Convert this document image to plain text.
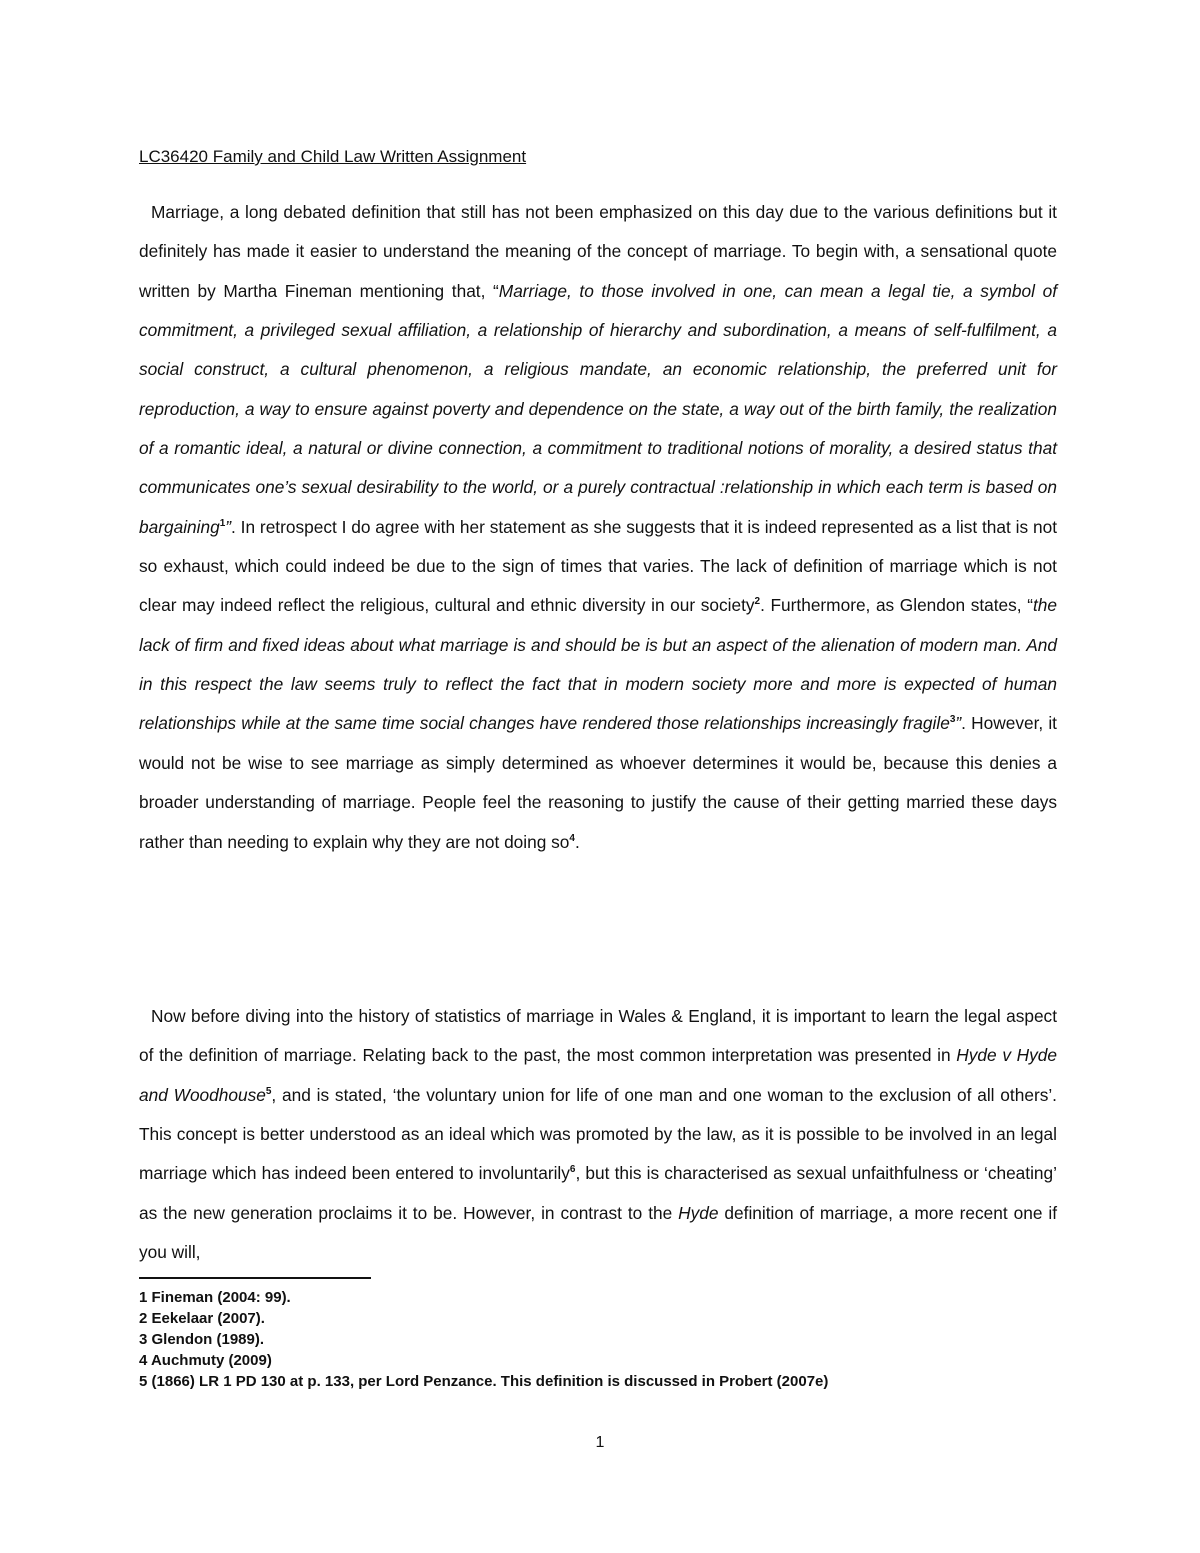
LC36420 Family and Child Law Written Assignment

Marriage, a long debated definition that still has not been emphasized on this day due to the various definitions but it definitely has made it easier to understand the meaning of the concept of marriage. To begin with, a sensational quote written by Martha Fineman mentioning that, “Marriage, to those involved in one, can mean a legal tie, a symbol of commitment, a privileged sexual affiliation, a relationship of hierarchy and subordination, a means of self-fulfilment, a social construct, a cultural phenomenon, a religious mandate, an economic relationship, the preferred unit for reproduction, a way to ensure against poverty and dependence on the state, a way out of the birth family, the realization of a romantic ideal, a natural or divine connection, a commitment to traditional notions of morality, a desired status that communicates one’s sexual desirability to the world, or a purely contractual :relationship in which each term is based on bargaining$^1$”. In retrospect I do agree with her statement as she suggests that it is indeed represented as a list that is not so exhaust, which could indeed be due to the sign of times that varies. The lack of definition of marriage which is not clear may indeed reflect the religious, cultural and ethnic diversity in our society$^2$. Furthermore, as Glendon states, “the lack of firm and fixed ideas about what marriage is and should be is but an aspect of the alienation of modern man. And in this respect the law seems truly to reflect the fact that in modern society more and more is expected of human relationships while at the same time social changes have rendered those relationships increasingly fragile$^3$”. However, it would not be wise to see marriage as simply determined as whoever determines it would be, because this denies a broader understanding of marriage. People feel the reasoning to justify the cause of their getting married these days rather than needing to explain why they are not doing $so^4$.

Now before diving into the history of statistics of marriage in Wales & England, it is important to learn the legal aspect of the definition of marriage. Relating back to the past, the most common interpretation was presented in Hyde v Hyde and Woodhouse$^5$, and is stated, ‘the voluntary union for life of one man and one woman to the exclusion of all others’. This concept is better understood as an ideal which was promoted by the law, as it is possible to be involved in an legal marriage which has indeed been entered to involuntarily$^6$, but this is characterised as sexual unfaithfulness or ‘cheating’ as the new generation proclaims it to be. However, in contrast to the Hyde definition of marriage, a more recent one if you will,

1 Fineman (2004: 99).
2 Eekelaar (2007).
3 Glendon (1989).
4 Auchmuty (2009)
5 (1866) LR 1 PD 130 at p. 133, per Lord Penzance. This definition is discussed in Probert (2007e)
1
